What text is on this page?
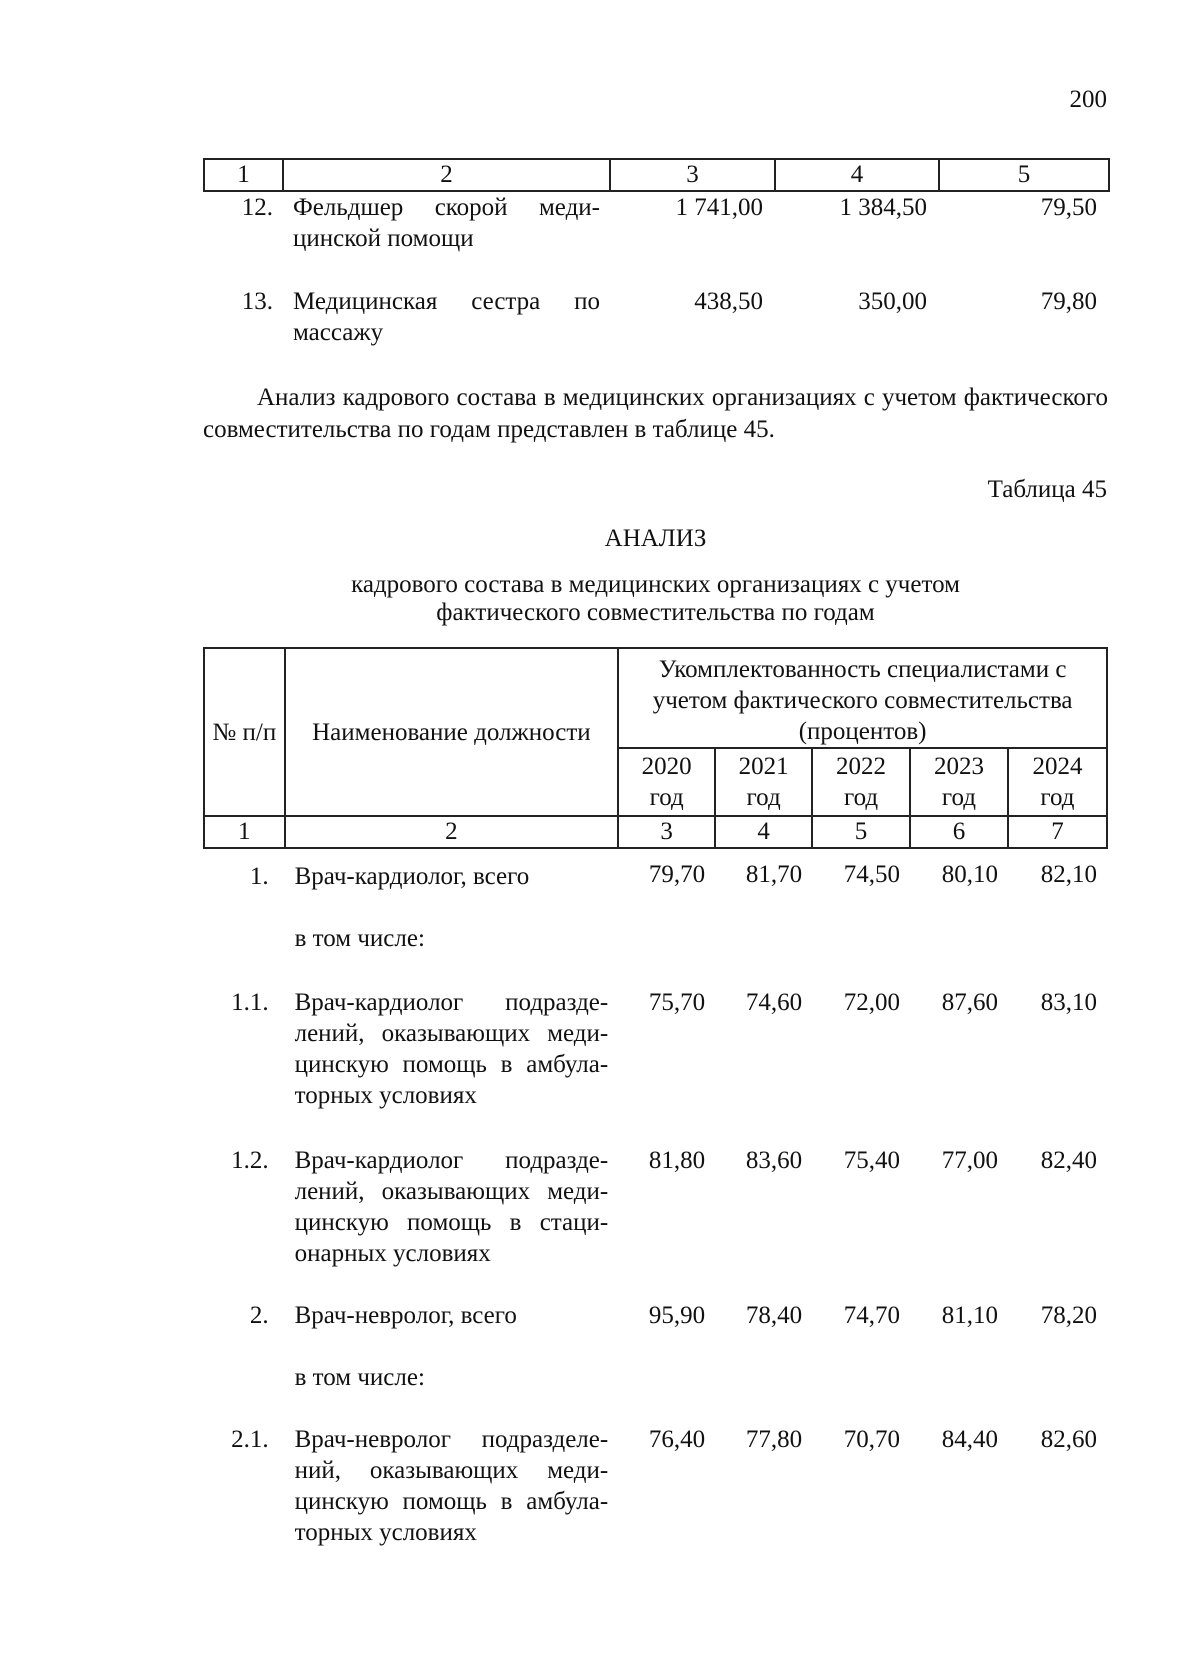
200
1	2	3	4	5
12.	Фельдшер скорой медицинской помощи	1 741,00	1 384,50	79,50
13.	Медицинская сестра по массажу	438,50	350,00	79,80
Анализ кадрового состава в медицинских организациях с учетом фактического совместительства по годам представлен в таблице 45.
Таблица 45
АНАЛИЗ
кадрового состава в медицинских организациях с учетом
фактического совместительства по годам
№ п/п	Наименование должности	Укомплектованность специалистами с учетом фактического совместительства (процентов)				
		2020 год	2021 год	2022 год	2023 год	2024 год
1	2	3	4	5	6	7
1.	Врач-кардиолог, всего	79,70	81,70	74,50	80,10	82,10
	в том числе:					
1.1.	Врач-кардиолог подразделений, оказывающих медицинскую помощь в амбулаторных условиях	75,70	74,60	72,00	87,60	83,10
1.2.	Врач-кардиолог подразделений, оказывающих медицинскую помощь в стационарных условиях	81,80	83,60	75,40	77,00	82,40
2.	Врач-невролог, всего	95,90	78,40	74,70	81,10	78,20
	в том числе:					
2.1.	Врач-невролог подразделений, оказывающих медицинскую помощь в амбулаторных условиях	76,40	77,80	70,70	84,40	82,60
